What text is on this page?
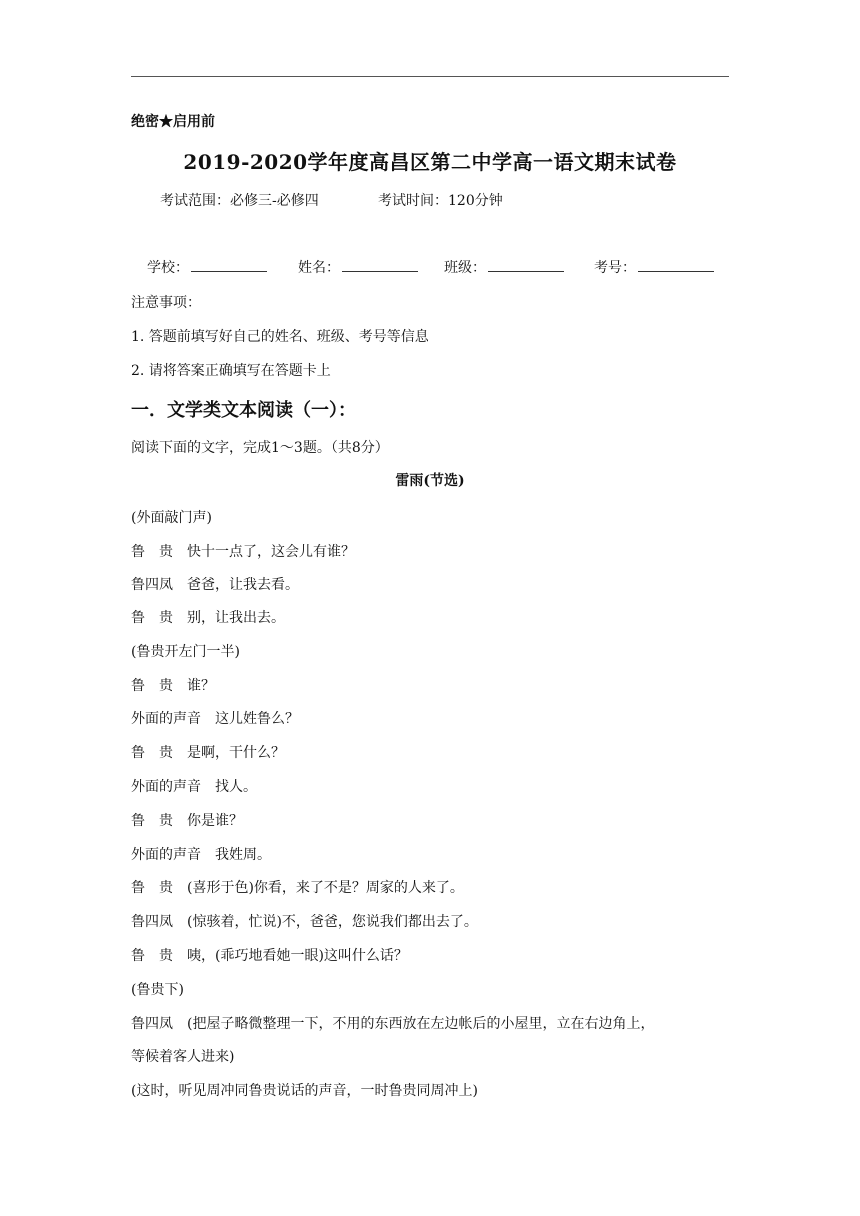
绝密★启用前
2019-2020学年度高昌区第二中学高一语文期末试卷
考试范围：必修三-必修四	考试时间：120分钟
学校：	姓名：	班级：	考号：
注意事项：
1. 答题前填写好自己的姓名、班级、考号等信息
2. 请将答案正确填写在答题卡上
一．文学类文本阅读（一）：
阅读下面的文字，完成1～3题。（共8分）
雷雨(节选)
(外面敲门声)
鲁　贵　快十一点了，这会儿有谁？
鲁四凤　爸爸，让我去看。
鲁　贵　别，让我出去。
(鲁贵开左门一半)
鲁　贵　谁？
外面的声音　这儿姓鲁么？
鲁　贵　是啊，干什么？
外面的声音　找人。
鲁　贵　你是谁？
外面的声音　我姓周。
鲁　贵　(喜形于色)你看，来了不是？周家的人来了。
鲁四凤　(惊骇着，忙说)不，爸爸，您说我们都出去了。
鲁　贵　咦，(乖巧地看她一眼)这叫什么话？
(鲁贵下)
鲁四凤　(把屋子略微整理一下，不用的东西放在左边帐后的小屋里，立在右边角上，
等候着客人进来)
(这时，听见周冲同鲁贵说话的声音，一时鲁贵同周冲上)
